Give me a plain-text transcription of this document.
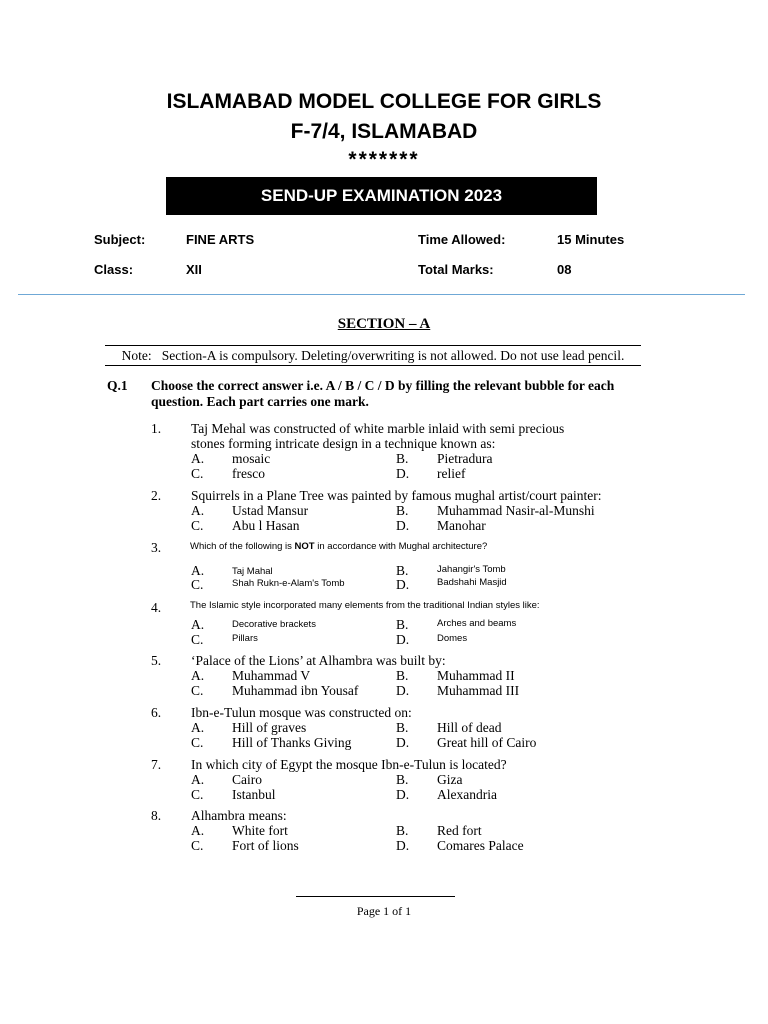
ISLAMABAD MODEL COLLEGE FOR GIRLS
F-7/4, ISLAMABAD
*******
SEND-UP EXAMINATION 2023
Subject:	FINE ARTS	Time Allowed:	15 Minutes
Class:	XII	Total Marks:	08
SECTION – A
Note:   Section-A is compulsory. Deleting/overwriting is not allowed. Do not use lead pencil.
Q.1 Choose the correct answer i.e. A / B / C / D by filling the relevant bubble for each
question. Each part carries one mark.
1. Taj Mehal was constructed of white marble inlaid with semi precious
stones forming intricate design in a technique known as:
A. mosaic	B. Pietradura
C. fresco	D. relief
2. Squirrels in a Plane Tree was painted by famous mughal artist/court painter:
A. Ustad Mansur	B. Muhammad Nasir-al-Munshi
C. Abu l Hasan	D. Manohar
3.	Which of the following is NOT in accordance with Mughal architecture?
A.	Taj Mahal	B.	Jahangir's Tomb
C.	Shah Rukn-e-Alam's Tomb	D.	Badshahi Masjid
4.	The Islamic style incorporated many elements from the traditional Indian styles like:
A.	Decorative brackets	B.	Arches and beams
C.	Pillars	D.	Domes
5. ‘Palace of the Lions’ at Alhambra was built by:
A. Muhammad V	B. Muhammad II
C. Muhammad ibn Yousaf	D. Muhammad III
6. Ibn-e-Tulun mosque was constructed on:
A. Hill of graves	B. Hill of dead
C. Hill of Thanks Giving	D. Great hill of Cairo
7. In which city of Egypt the mosque Ibn-e-Tulun is located?
A. Cairo	B. Giza
C. Istanbul	D. Alexandria
8. Alhambra means:
A. White fort	B. Red fort
C. Fort of lions	D. Comares Palace
Page 1 of 1
